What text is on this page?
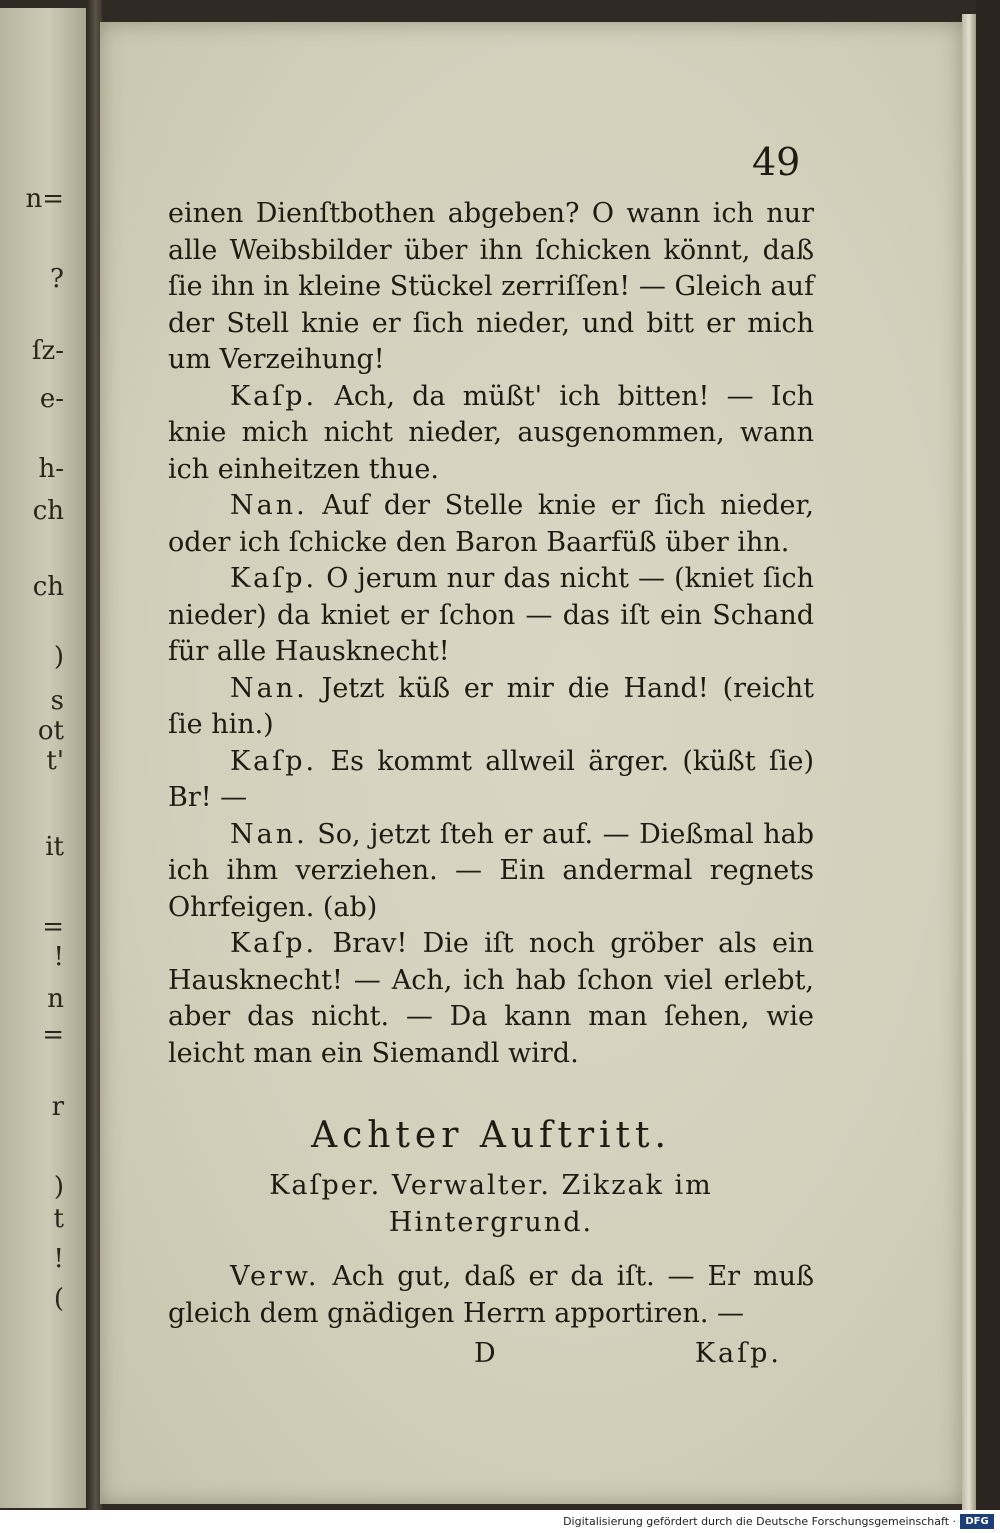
n=
?
ſz-
e-
h-
ch
ch
)
s
ot
t'
it
=
!
n
=
r
)
t
!
(
49

einen Dienſtbothen abgeben? O wann ich nur alle Weibsbilder über ihn ſchicken könnt, daß ſie ihn in kleine Stückel zerriſſen! — Gleich auf der Stell knie er ſich nieder, und bitt er mich um Verzeihung!

Kaſp. Ach, da müßt' ich bitten! — Ich knie mich nicht nieder, ausgenommen, wann ich einheitzen thue.

Nan. Auf der Stelle knie er ſich nieder, oder ich ſchicke den Baron Baarfüß über ihn.

Kaſp. O jerum nur das nicht — (kniet ſich nieder) da kniet er ſchon — das iſt ein Schand für alle Hausknecht!

Nan. Jetzt küß er mir die Hand! (reicht ſie hin.)

Kaſp. Es kommt allweil ärger. (küßt ſie) Br! —

Nan. So, jetzt ſteh er auf. — Dießmal hab ich ihm verziehen. — Ein andermal regnets Ohrfeigen. (ab)

Kaſp. Brav! Die iſt noch gröber als ein Hausknecht! — Ach, ich hab ſchon viel erlebt, aber das nicht. — Da kann man ſehen, wie leicht man ein Siemandl wird.

Achter Auftritt.

Kaſper. Verwalter. Zikzak im Hintergrund.

Verw. Ach gut, daß er da iſt. — Er muß gleich dem gnädigen Herrn apportiren. —

D	Kaſp.
Digitalisierung gefördert durch die Deutsche Forschungsgemeinschaft · DFG
